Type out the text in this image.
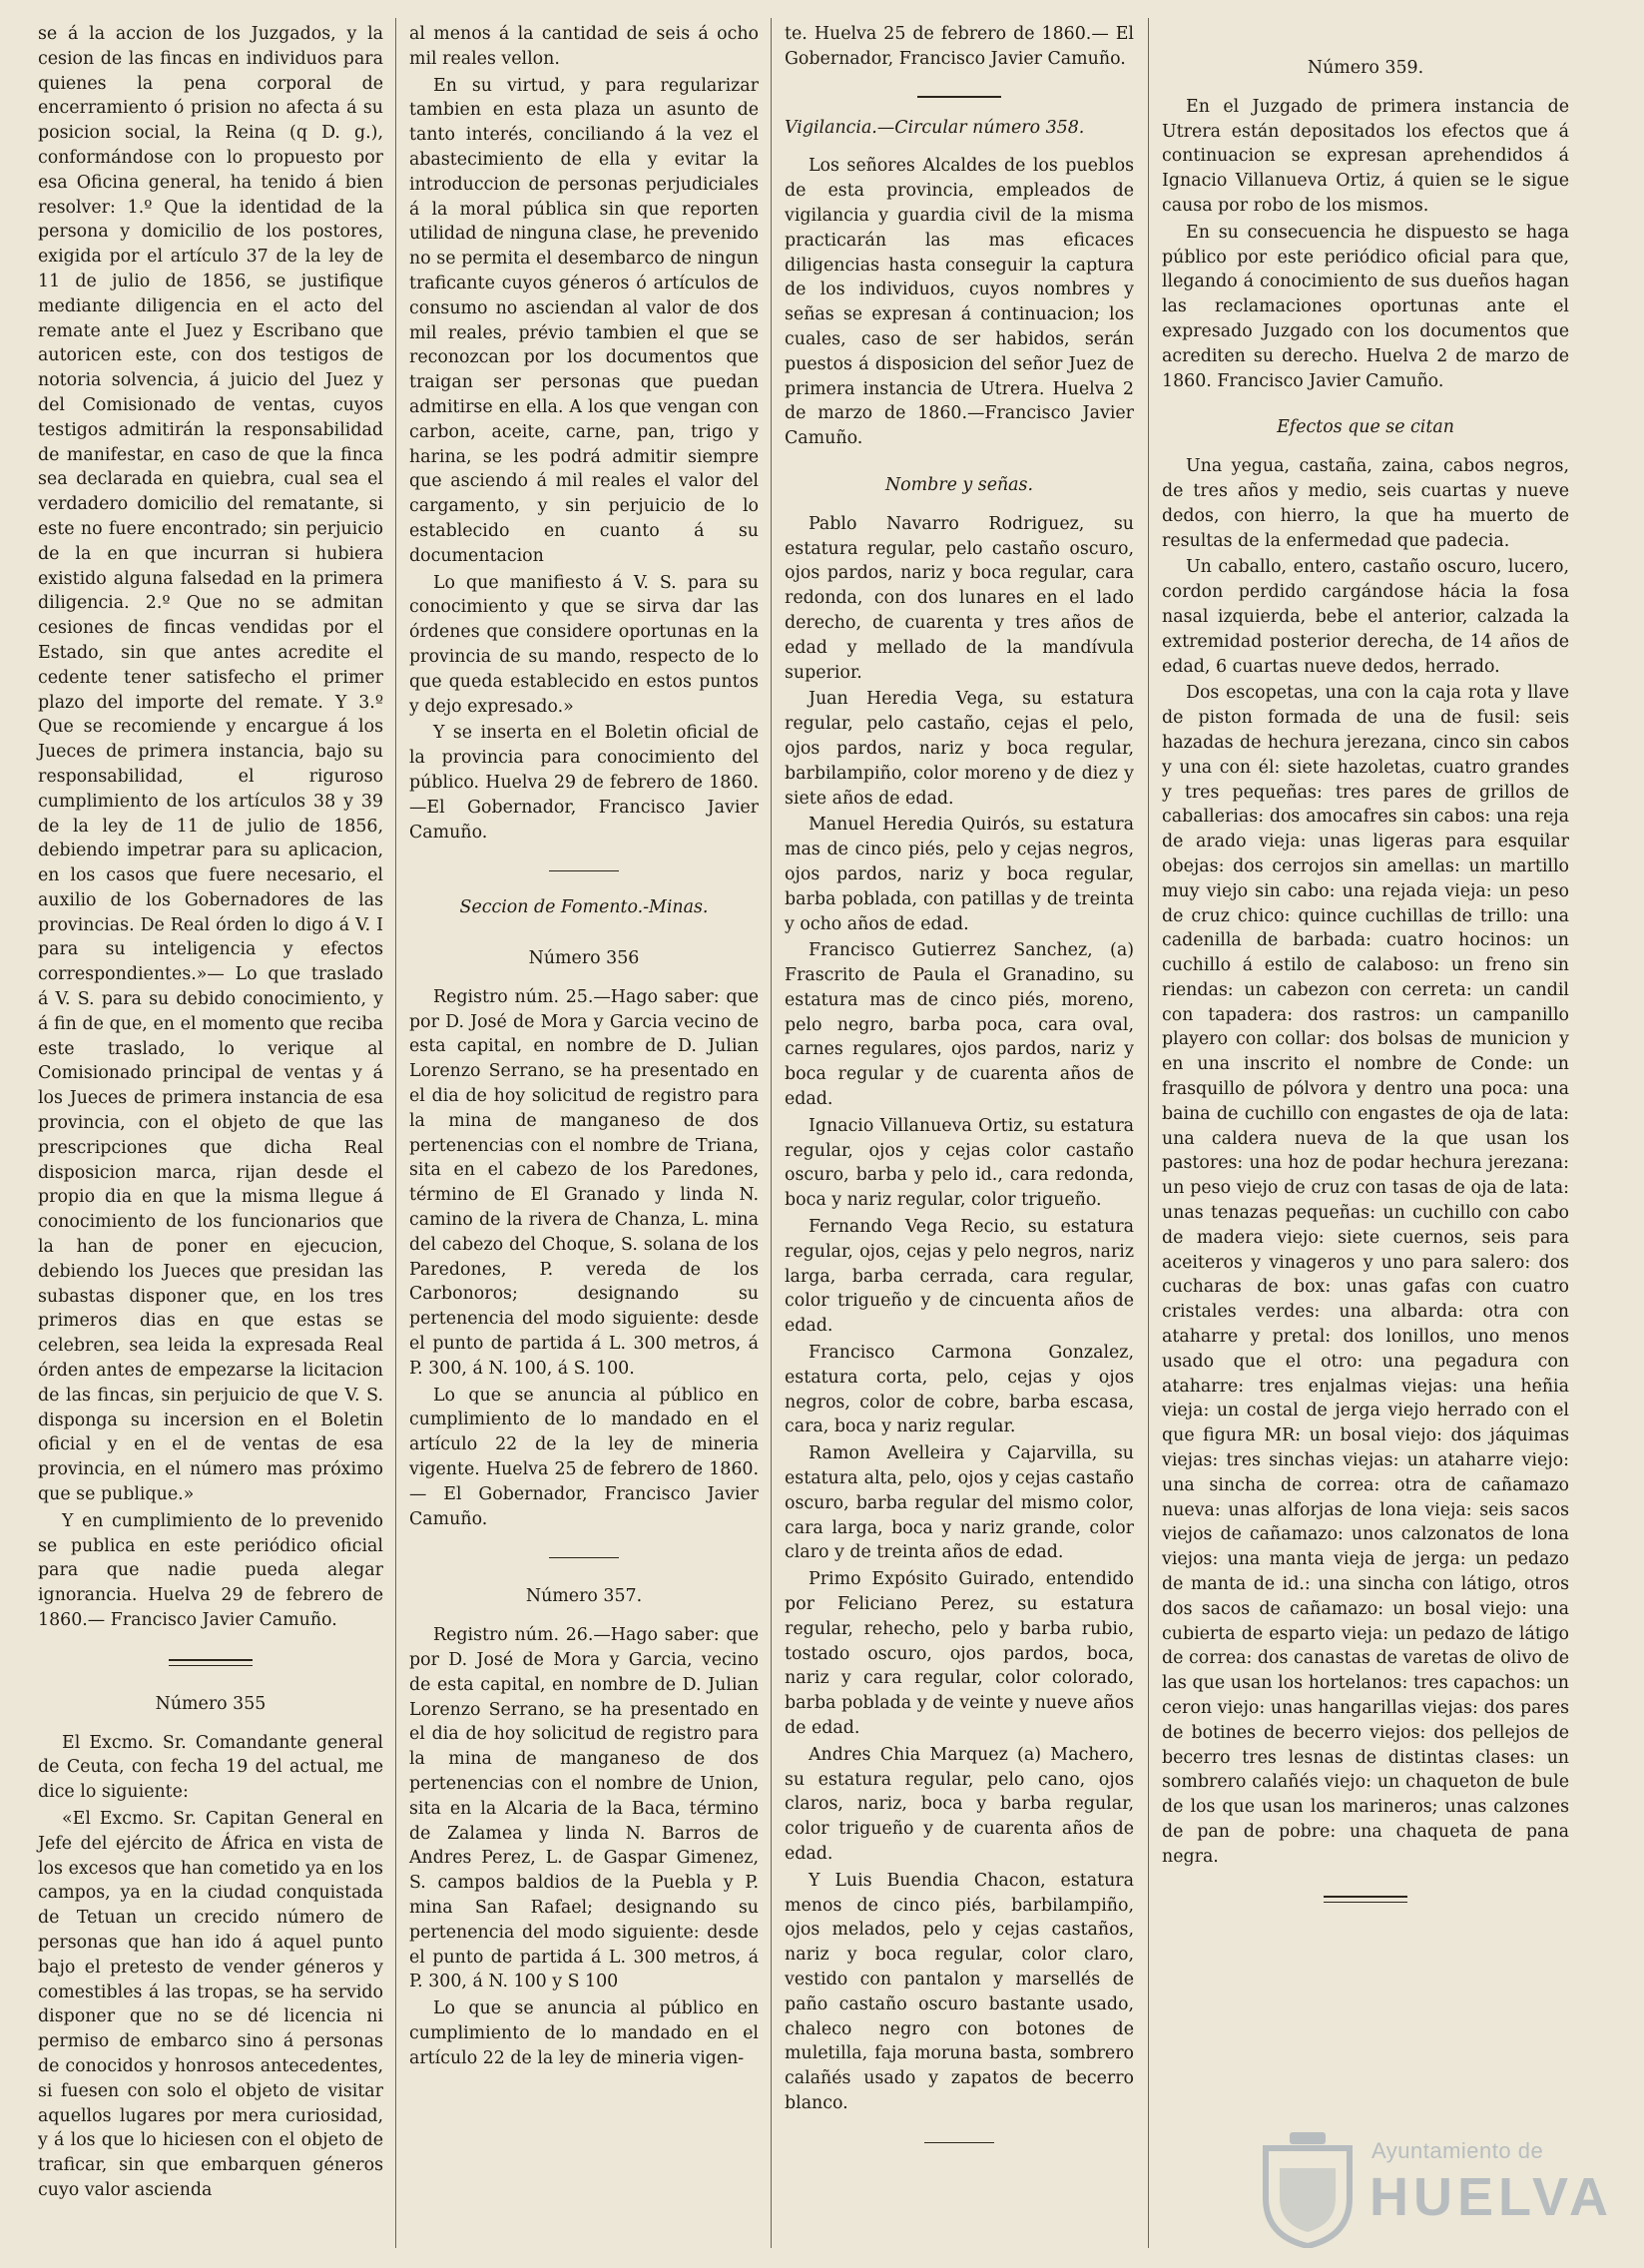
se á la accion de los Juzgados, y la cesion de las fincas en individuos para quienes la pena corporal de encerramiento ó prision no afecta á su posicion social, la Reina (q D. g.), conformándose con lo propuesto por esa Oficina general, ha tenido á bien resolver: 1.º Que la identidad de la persona y domicilio de los postores, exigida por el artículo 37 de la ley de 11 de julio de 1856, se justifique mediante diligencia en el acto del remate ante el Juez y Escribano que autoricen este, con dos testigos de notoria solvencia, á juicio del Juez y del Comisionado de ventas, cuyos testigos admitirán la responsabilidad de manifestar, en caso de que la finca sea declarada en quiebra, cual sea el verdadero domicilio del rematante, si este no fuere encontrado; sin perjuicio de la en que incurran si hubiera existido alguna falsedad en la primera diligencia. 2.º Que no se admitan cesiones de fincas vendidas por el Estado, sin que antes acredite el cedente tener satisfecho el primer plazo del importe del remate. Y 3.º Que se recomiende y encargue á los Jueces de primera instancia, bajo su responsabilidad, el riguroso cumplimiento de los artículos 38 y 39 de la ley de 11 de julio de 1856, debiendo impetrar para su aplicacion, en los casos que fuere necesario, el auxilio de los Gobernadores de las provincias. De Real órden lo digo á V. I para su inteligencia y efectos correspondientes.»— Lo que traslado á V. S. para su debido conocimiento, y á fin de que, en el momento que reciba este traslado, lo verique al Comisionado principal de ventas y á los Jueces de primera instancia de esa provincia, con el objeto de que las prescripciones que dicha Real disposicion marca, rijan desde el propio dia en que la misma llegue á conocimiento de los funcionarios que la han de poner en ejecucion, debiendo los Jueces que presidan las subastas disponer que, en los tres primeros dias en que estas se celebren, sea leida la expresada Real órden antes de empezarse la licitacion de las fincas, sin perjuicio de que V. S. disponga su incersion en el Boletin oficial y en el de ventas de esa provincia, en el número mas próximo que se publique.»

Y en cumplimiento de lo prevenido se publica en este periódico oficial para que nadie pueda alegar ignorancia. Huelva 29 de febrero de 1860.— Francisco Javier Camuño.

Número 355

El Excmo. Sr. Comandante general de Ceuta, con fecha 19 del actual, me dice lo siguiente:

«El Excmo. Sr. Capitan General en Jefe del ejército de África en vista de los excesos que han cometido ya en los campos, ya en la ciudad conquistada de Tetuan un crecido número de personas que han ido á aquel punto bajo el pretesto de vender géneros y comestibles á las tropas, se ha servido disponer que no se dé licencia ni permiso de embarco sino á personas de conocidos y honrosos antecedentes, si fuesen con solo el objeto de visitar aquellos lugares por mera curiosidad, y á los que lo hiciesen con el objeto de traficar, sin que embarquen géneros cuyo valor ascienda

al menos á la cantidad de seis á ocho mil reales vellon.

En su virtud, y para regularizar tambien en esta plaza un asunto de tanto interés, conciliando á la vez el abastecimiento de ella y evitar la introduccion de personas perjudiciales á la moral pública sin que reporten utilidad de ninguna clase, he prevenido no se permita el desembarco de ningun traficante cuyos géneros ó artículos de consumo no asciendan al valor de dos mil reales, prévio tambien el que se reconozcan por los documentos que traigan ser personas que puedan admitirse en ella. A los que vengan con carbon, aceite, carne, pan, trigo y harina, se les podrá admitir siempre que asciendo á mil reales el valor del cargamento, y sin perjuicio de lo establecido en cuanto á su documentacion

Lo que manifiesto á V. S. para su conocimiento y que se sirva dar las órdenes que considere oportunas en la provincia de su mando, respecto de lo que queda establecido en estos puntos y dejo expresado.»

Y se inserta en el Boletin oficial de la provincia para conocimiento del público. Huelva 29 de febrero de 1860. —El Gobernador, Francisco Javier Camuño.

Seccion de Fomento.-Minas.
Número 356

Registro núm. 25.—Hago saber: que por D. José de Mora y Garcia vecino de esta capital, en nombre de D. Julian Lorenzo Serrano, se ha presentado en el dia de hoy solicitud de registro para la mina de manganeso de dos pertenencias con el nombre de Triana, sita en el cabezo de los Paredones, término de El Granado y linda N. camino de la rivera de Chanza, L. mina del cabezo del Choque, S. solana de los Paredones, P. vereda de los Carbonoros; designando su pertenencia del modo siguiente: desde el punto de partida á L. 300 metros, á P. 300, á N. 100, á S. 100.

Lo que se anuncia al público en cumplimiento de lo mandado en el artículo 22 de la ley de mineria vigente. Huelva 25 de febrero de 1860.— El Gobernador, Francisco Javier Camuño.

Número 357.

Registro núm. 26.—Hago saber: que por D. José de Mora y Garcia, vecino de esta capital, en nombre de D. Julian Lorenzo Serrano, se ha presentado en el dia de hoy solicitud de registro para la mina de manganeso de dos pertenencias con el nombre de Union, sita en la Alcaria de la Baca, término de Zalamea y linda N. Barros de Andres Perez, L. de Gaspar Gimenez, S. campos baldios de la Puebla y P. mina San Rafael; designando su pertenencia del modo siguiente: desde el punto de partida á L. 300 metros, á P. 300, á N. 100 y S 100

Lo que se anuncia al público en cumplimiento de lo mandado en el artículo 22 de la ley de mineria vigen-

te. Huelva 25 de febrero de 1860.— El Gobernador, Francisco Javier Camuño.

Vigilancia.—Circular número 358.

Los señores Alcaldes de los pueblos de esta provincia, empleados de vigilancia y guardia civil de la misma practicarán las mas eficaces diligencias hasta conseguir la captura de los individuos, cuyos nombres y señas se expresan á continuacion; los cuales, caso de ser habidos, serán puestos á disposicion del señor Juez de primera instancia de Utrera. Huelva 2 de marzo de 1860.—Francisco Javier Camuño.

Nombre y señas.

Pablo Navarro Rodriguez, su estatura regular, pelo castaño oscuro, ojos pardos, nariz y boca regular, cara redonda, con dos lunares en el lado derecho, de cuarenta y tres años de edad y mellado de la mandívula superior.

Juan Heredia Vega, su estatura regular, pelo castaño, cejas el pelo, ojos pardos, nariz y boca regular, barbilampiño, color moreno y de diez y siete años de edad.

Manuel Heredia Quirós, su estatura mas de cinco piés, pelo y cejas negros, ojos pardos, nariz y boca regular, barba poblada, con patillas y de treinta y ocho años de edad.

Francisco Gutierrez Sanchez, (a) Frascrito de Paula el Granadino, su estatura mas de cinco piés, moreno, pelo negro, barba poca, cara oval, carnes regulares, ojos pardos, nariz y boca regular y de cuarenta años de edad.

Ignacio Villanueva Ortiz, su estatura regular, ojos y cejas color castaño oscuro, barba y pelo id., cara redonda, boca y nariz regular, color trigueño.

Fernando Vega Recio, su estatura regular, ojos, cejas y pelo negros, nariz larga, barba cerrada, cara regular, color trigueño y de cincuenta años de edad.

Francisco Carmona Gonzalez, estatura corta, pelo, cejas y ojos negros, color de cobre, barba escasa, cara, boca y nariz regular.

Ramon Avelleira y Cajarvilla, su estatura alta, pelo, ojos y cejas castaño oscuro, barba regular del mismo color, cara larga, boca y nariz grande, color claro y de treinta años de edad.

Primo Expósito Guirado, entendido por Feliciano Perez, su estatura regular, rehecho, pelo y barba rubio, tostado oscuro, ojos pardos, boca, nariz y cara regular, color colorado, barba poblada y de veinte y nueve años de edad.

Andres Chia Marquez (a) Machero, su estatura regular, pelo cano, ojos claros, nariz, boca y barba regular, color trigueño y de cuarenta años de edad.

Y Luis Buendia Chacon, estatura menos de cinco piés, barbilampiño, ojos melados, pelo y cejas castaños, nariz y boca regular, color claro, vestido con pantalon y marsellés de paño castaño oscuro bastante usado, chaleco negro con botones de muletilla, faja moruna basta, sombrero calañés usado y zapatos de becerro blanco.

Número 359.

En el Juzgado de primera instancia de Utrera están depositados los efectos que á continuacion se expresan aprehendidos á Ignacio Villanueva Ortiz, á quien se le sigue causa por robo de los mismos.

En su consecuencia he dispuesto se haga público por este periódico oficial para que, llegando á conocimiento de sus dueños hagan las reclamaciones oportunas ante el expresado Juzgado con los documentos que acrediten su derecho. Huelva 2 de marzo de 1860. Francisco Javier Camuño.

Efectos que se citan

Una yegua, castaña, zaina, cabos negros, de tres años y medio, seis cuartas y nueve dedos, con hierro, la que ha muerto de resultas de la enfermedad que padecia.

Un caballo, entero, castaño oscuro, lucero, cordon perdido cargándose hácia la fosa nasal izquierda, bebe el anterior, calzada la extremidad posterior derecha, de 14 años de edad, 6 cuartas nueve dedos, herrado.

Dos escopetas, una con la caja rota y llave de piston formada de una de fusil: seis hazadas de hechura jerezana, cinco sin cabos y una con él: siete hazoletas, cuatro grandes y tres pequeñas: tres pares de grillos de caballerias: dos amocafres sin cabos: una reja de arado vieja: unas ligeras para esquilar obejas: dos cerrojos sin amellas: un martillo muy viejo sin cabo: una rejada vieja: un peso de cruz chico: quince cuchillas de trillo: una cadenilla de barbada: cuatro hocinos: un cuchillo á estilo de calaboso: un freno sin riendas: un cabezon con cerreta: un candil con tapadera: dos rastros: un campanillo playero con collar: dos bolsas de municion y en una inscrito el nombre de Conde: un frasquillo de pólvora y dentro una poca: una baina de cuchillo con engastes de oja de lata: una caldera nueva de la que usan los pastores: una hoz de podar hechura jerezana: un peso viejo de cruz con tasas de oja de lata: unas tenazas pequeñas: un cuchillo con cabo de madera viejo: siete cuernos, seis para aceiteros y vinageros y uno para salero: dos cucharas de box: unas gafas con cuatro cristales verdes: una albarda: otra con ataharre y pretal: dos lonillos, uno menos usado que el otro: una pegadura con ataharre: tres enjalmas viejas: una heñia vieja: un costal de jerga viejo herrado con el que figura MR: un bosal viejo: dos jáquimas viejas: tres sinchas viejas: un ataharre viejo: una sincha de correa: otra de cañamazo nueva: unas alforjas de lona vieja: seis sacos viejos de cañamazo: unos calzonatos de lona viejos: una manta vieja de jerga: un pedazo de manta de id.: una sincha con látigo, otros dos sacos de cañamazo: un bosal viejo: una cubierta de esparto vieja: un pedazo de látigo de correa: dos canastas de varetas de olivo de las que usan los hortelanos: tres capachos: un ceron viejo: unas hangarillas viejas: dos pares de botines de becerro viejos: dos pellejos de becerro tres lesnas de distintas clases: un sombrero calañés viejo: un chaqueton de bule de los que usan los marineros; unas calzones de pan de pobre: una chaqueta de pana negra.

Ayuntamiento de
HUELVA
